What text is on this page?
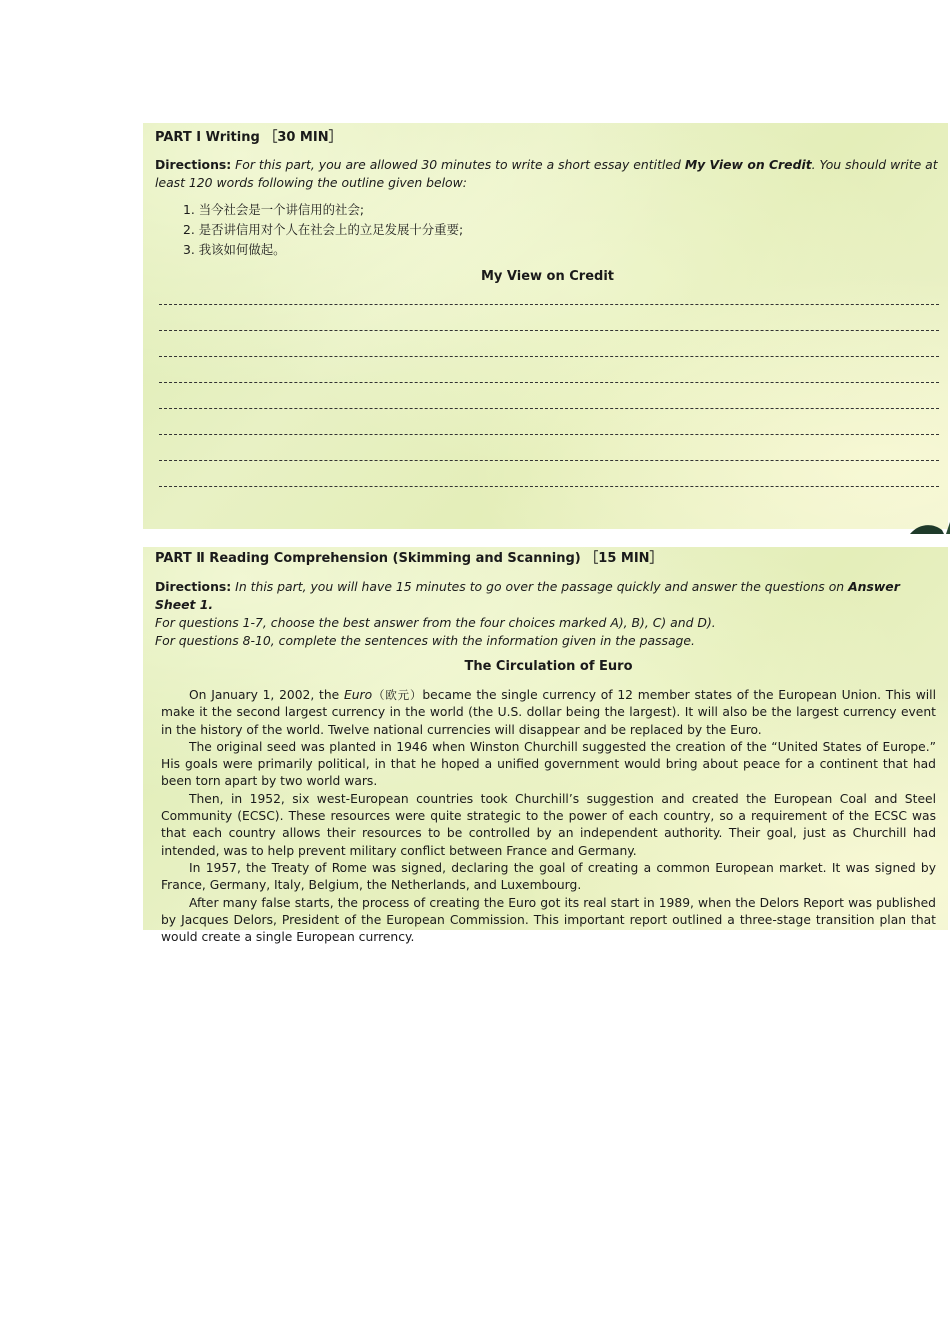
PART Ⅰ Writing ［30 MIN］
Directions: For this part, you are allowed 30 minutes to write a short essay entitled My View on Credit. You should write at least 120 words following the outline given below:
1. 当今社会是一个讲信用的社会;
2. 是否讲信用对个人在社会上的立足发展十分重要;
3. 我该如何做起。
My View on Credit
PART Ⅱ Reading Comprehension (Skimming and Scanning) ［15 MIN］
Directions: In this part, you will have 15 minutes to go over the passage quickly and answer the questions on Answer Sheet 1.
For questions 1-7, choose the best answer from the four choices marked A), B), C) and D).
For questions 8-10, complete the sentences with the information given in the passage.
The Circulation of Euro

On January 1, 2002, the Euro（欧元）became the single currency of 12 member states of the European Union. This will make it the second largest currency in the world (the U.S. dollar being the largest). It will also be the largest currency event in the history of the world. Twelve national currencies will disappear and be replaced by the Euro.

The original seed was planted in 1946 when Winston Churchill suggested the creation of the “United States of Europe.” His goals were primarily political, in that he hoped a unified government would bring about peace for a continent that had been torn apart by two world wars.

Then, in 1952, six west-European countries took Churchill’s suggestion and created the European Coal and Steel Community (ECSC). These resources were quite strategic to the power of each country, so a requirement of the ECSC was that each country allows their resources to be controlled by an independent authority. Their goal, just as Churchill had intended, was to help prevent military conflict between France and Germany.

In 1957, the Treaty of Rome was signed, declaring the goal of creating a common European market. It was signed by France, Germany, Italy, Belgium, the Netherlands, and Luxembourg.

After many false starts, the process of creating the Euro got its real start in 1989, when the Delors Report was published by Jacques Delors, President of the European Commission. This important report outlined a three-stage transition plan that would create a single European currency.
